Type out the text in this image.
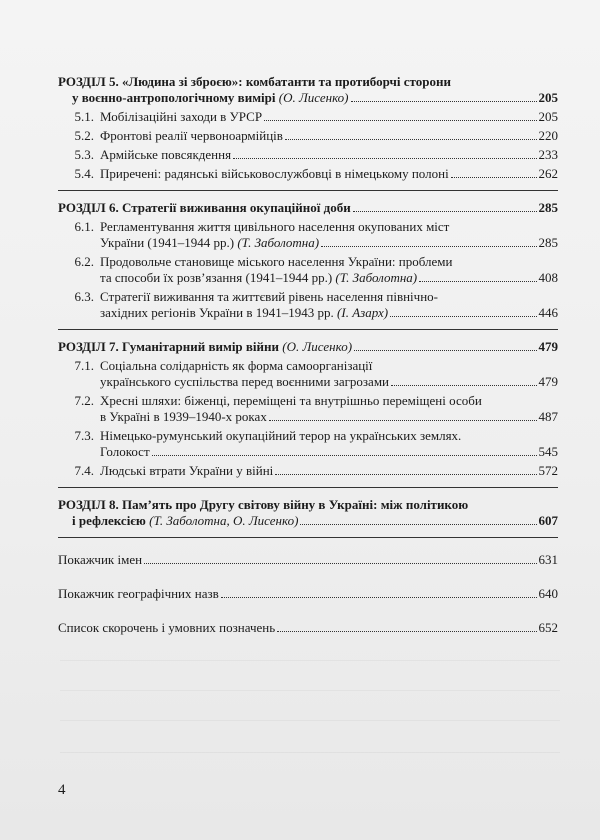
РОЗДІЛ 5. «Людина зі зброєю»: комбатанти та протиборчі сторони
у воєнно-антропологічному вимірі (О. Лисенко)	205
5.1. Мобілізаційні заходи в УРСР	205
5.2. Фронтові реалії червоноармійців	220
5.3. Армійське повсякдення	233
5.4. Приречені: радянські військовослужбовці в німецькому полоні	262
РОЗДІЛ 6. Стратегії виживання окупаційної доби	285
6.1. Регламентування життя цивільного населення окупованих міст
України (1941–1944 рр.) (Т. Заболотна)	285
6.2. Продовольче становище міського населення України: проблеми
та способи їх розв’язання (1941–1944 рр.) (Т. Заболотна)	408
6.3. Стратегії виживання та життєвий рівень населення північно-
західних регіонів України в 1941–1943 рр. (І. Азарх)	446
РОЗДІЛ 7. Гуманітарний вимір війни (О. Лисенко)	479
7.1. Соціальна солідарність як форма самоорганізації
українського суспільства перед воєнними загрозами	479
7.2. Хресні шляхи: біженці, переміщені та внутрішньо переміщені особи
в Україні в 1939–1940-х роках	487
7.3. Німецько-румунський окупаційний терор на українських землях.
Голокост	545
7.4. Людські втрати України у війні	572
РОЗДІЛ 8. Пам’ять про Другу світову війну в Україні: між політикою
і рефлексією (Т. Заболотна, О. Лисенко)	607
Покажчик імен	631
Покажчик географічних назв	640
Список скорочень і умовних позначень	652
4
